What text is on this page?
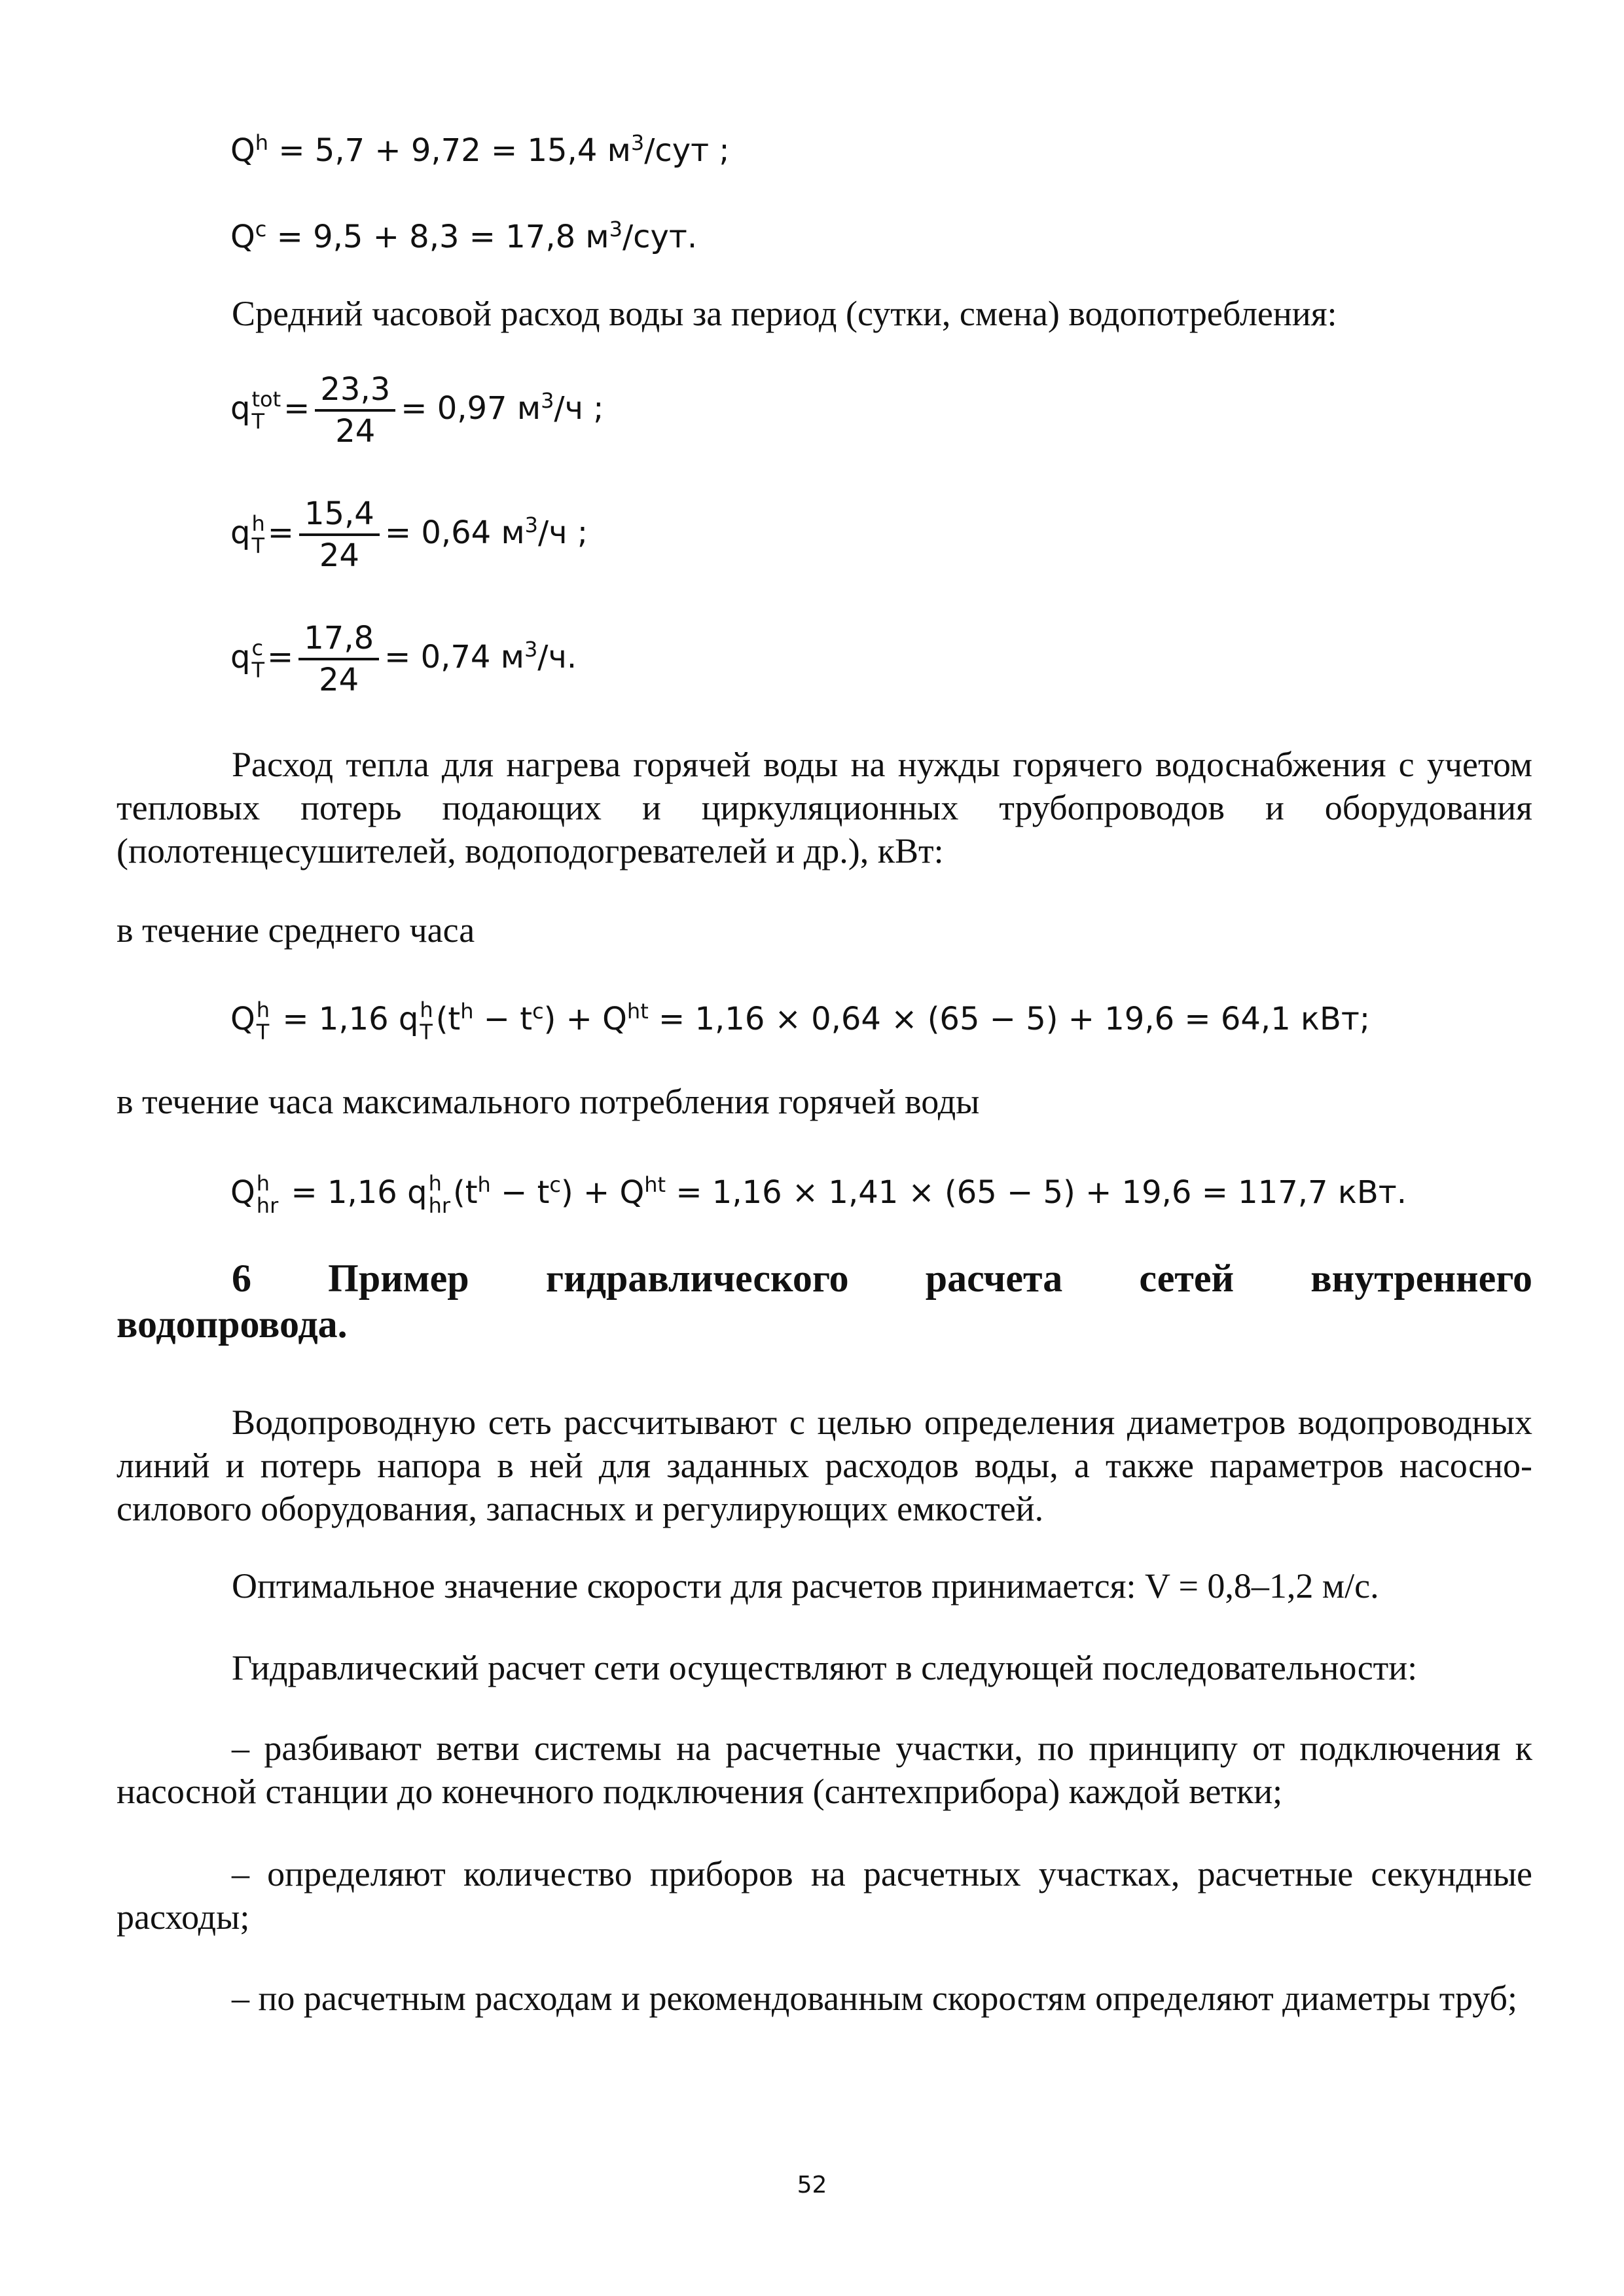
$Q^h = 5,7 + 9,72 = 15,4$ $м^3$/сут ;
$Q^c = 9,5 + 8,3 = 17,8$ $м^3$/сут.

Средний часовой расход воды за период (сутки, смена) водопотребления:

q tot
$T = \frac{23,3}{24} = 0,97$ $м^3/ч$ ;
q h
$T = \frac{15,4}{24} = 0,64$ $м^3/ч$ ;
q c
$T = \frac{17,8}{24} = 0,74$ $м^3/ч$.

Расход тепла для нагрева горячей воды на нужды горячего водоснабжения с учетом тепловых потерь подающих и циркуляционных трубопроводов и оборудования (полотенцесушителей, водоподогревателей и др.), кВт:

в течение среднего часа

Q h
T = 1,16 q h
T $(t^h - t^c) + Q^{ht} = 1,16 \times 0,64 \times (65 - 5) + 19,6 = 64,1$ кВт;

в течение часа максимального потребления горячей воды

Q h
hr = 1,16 q h
hr $(t^h - t^c) + Q^{ht} = 1,16 \times 1,41 \times (65 - 5) + 19,6 = 117,7$ кВт.
6 Пример гидравлического расчета сетей внутреннего
водопровода.

Водопроводную сеть рассчитывают с целью определения диаметров водопроводных линий и потерь напора в ней для заданных расходов воды, а также параметров насосно-силового оборудования, запасных и регулирующих емкостей.

Оптимальное значение скорости для расчетов принимается: V = 0,8–1,2 м/с.

Гидравлический расчет сети осуществляют в следующей последовательности:

– разбивают ветви системы на расчетные участки, по принципу от подключения к насосной станции до конечного подключения (сантехприбора) каждой ветки;

– определяют количество приборов на расчетных участках, расчетные секундные расходы;

– по расчетным расходам и рекомендованным скоростям определяют диаметры труб;

52
